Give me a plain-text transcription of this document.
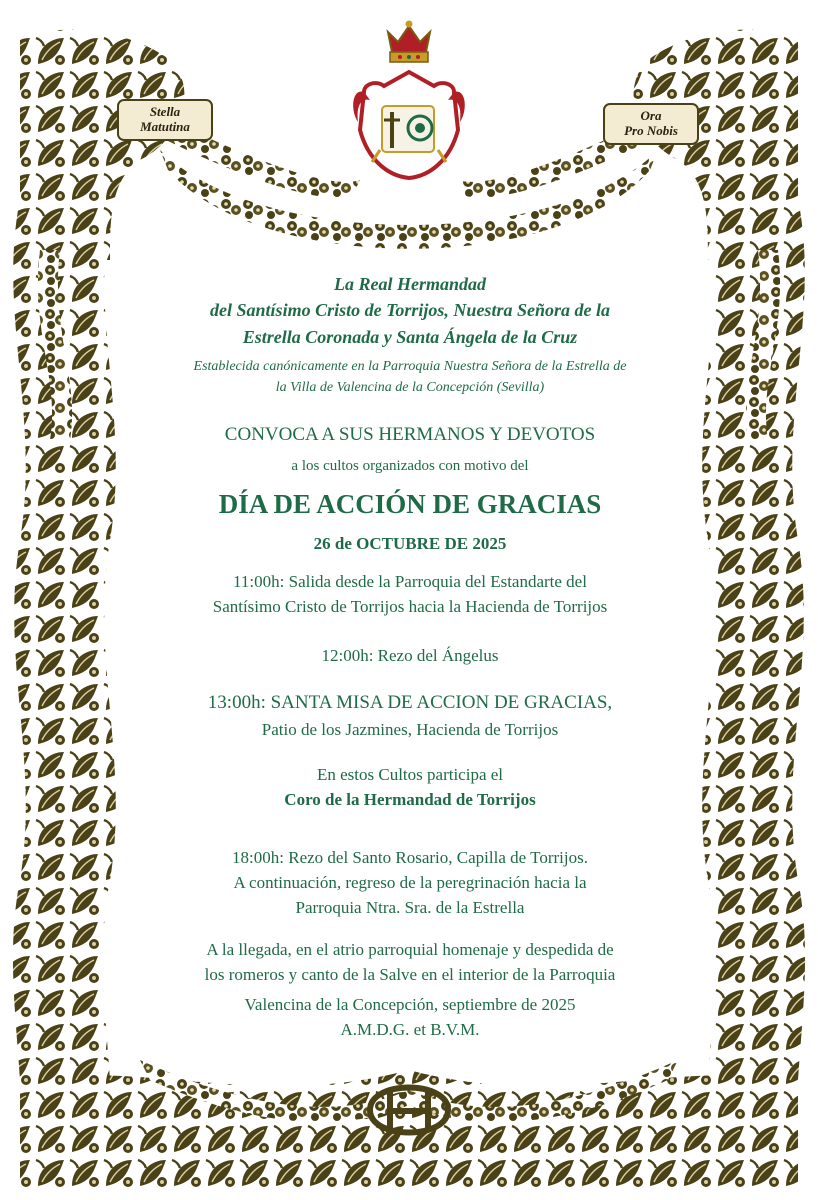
Stella
Matutina
Ora
Pro Nobis
La Real Hermandad
del Santísimo Cristo de Torrijos, Nuestra Señora de la
Estrella Coronada y Santa Ángela de la Cruz
Establecida canónicamente en la Parroquia Nuestra Señora de la Estrella de
la Villa de Valencina de la Concepción (Sevilla)
CONVOCA A SUS HERMANOS Y DEVOTOS
a los cultos organizados con motivo del
DÍA DE ACCIÓN DE GRACIAS
26 de OCTUBRE DE 2025
11:00h: Salida desde la Parroquia del Estandarte del
Santísimo Cristo de Torrijos hacia la Hacienda de Torrijos
12:00h: Rezo del Ángelus
13:00h: SANTA MISA DE ACCION DE GRACIAS,
Patio de los Jazmines, Hacienda de Torrijos
En estos Cultos participa el
Coro de la Hermandad de Torrijos
18:00h: Rezo del Santo Rosario, Capilla de Torrijos.
A continuación, regreso de la peregrinación hacia la
Parroquia Ntra. Sra. de la Estrella
A la llegada, en el atrio parroquial homenaje y despedida de
los romeros y canto de la Salve en el interior de la Parroquia
Valencina de la Concepción, septiembre de 2025
A.M.D.G. et B.V.M.
